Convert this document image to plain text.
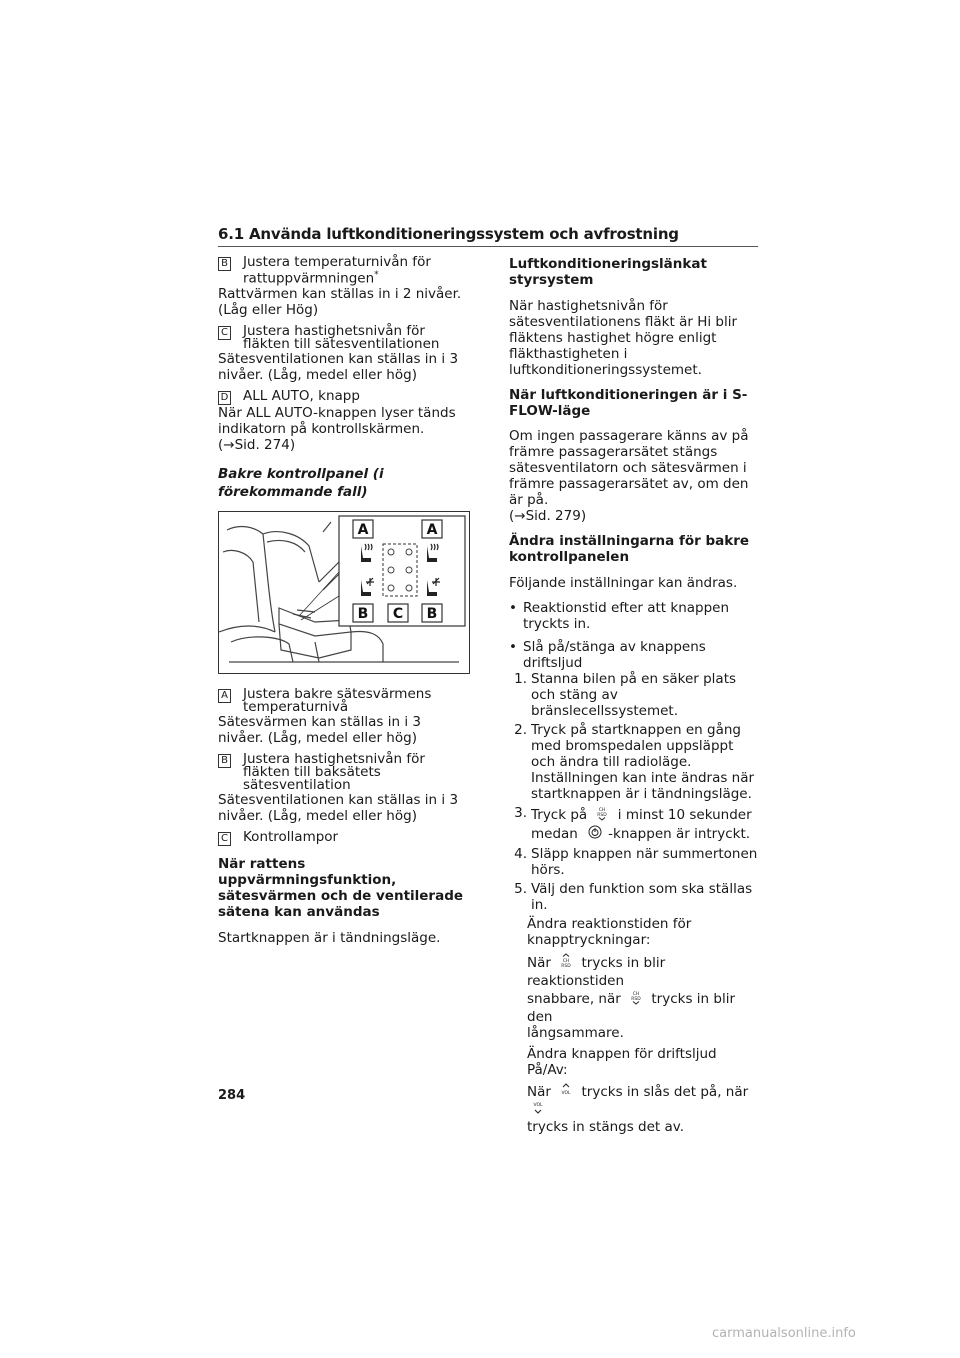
6.1 Använda luftkonditioneringssystem och avfrostning
B Justera temperaturnivån för rattuppvärmningen*

Rattvärmen kan ställas in i 2 nivåer. (Låg eller Hög)

C Justera hastighetsnivån för fläkten till sätesventilationen

Sätesventilationen kan ställas in i 3 nivåer. (Låg, medel eller hög)

D ALL AUTO, knapp

När ALL AUTO-knappen lyser tänds indikatorn på kontrollskärmen.

(→Sid. 274)

Bakre kontrollpanel (i förekommande fall)

A	A
B C B
A Justera bakre sätesvärmens temperaturnivå

Sätesvärmen kan ställas in i 3 nivåer. (Låg, medel eller hög)

B Justera hastighetsnivån för fläkten till baksätets sätesventilation

Sätesventilationen kan ställas in i 3 nivåer. (Låg, medel eller hög)

C Kontrollampor

När rattens uppvärmningsfunktion, sätesvärmen och de ventilerade sätena kan användas

Startknappen är i tändningsläge.

Luftkonditioneringslänkat styrsystem

När hastighetsnivån för sätesventilationens fläkt är Hi blir fläktens hastighet högre enligt fläkthastigheten i luftkonditioneringssystemet.

När luftkonditioneringen är i S-FLOW-läge

Om ingen passagerare känns av på främre passagerarsätet stängs sätesventilatorn och sätesvärmen i främre passagerarsätet av, om den är på.

(→Sid. 279)

Ändra inställningarna för bakre kontrollpanelen

Följande inställningar kan ändras.

• Reaktionstid efter att knappen tryckts in.
• Slå på/stänga av knappens driftsljud
1. Stanna bilen på en säker plats och stäng av bränslecellssystemet.
2. Tryck på startknappen en gång med bromspedalen uppsläppt och ändra till radioläge. Inställningen kan inte ändras när startknappen är i tändningsläge.
3. Tryck på	CH
RSD i minst 10 sekunder
medan -knappen är intryckt.
4. Släpp knappen när summertonen hörs.
5. Välj den funktion som ska ställas in.

Ändra reaktionstiden för knapptryckningar:

När	CH
RSD trycks in blir reaktionstiden
snabbare, när	CH
RSD trycks in blir den
långsammare.

Ändra knappen för driftsljud På/Av:

När VOL trycks in slås det på, när
VOL

trycks in stängs det av.

284
carmanualsonline.info
